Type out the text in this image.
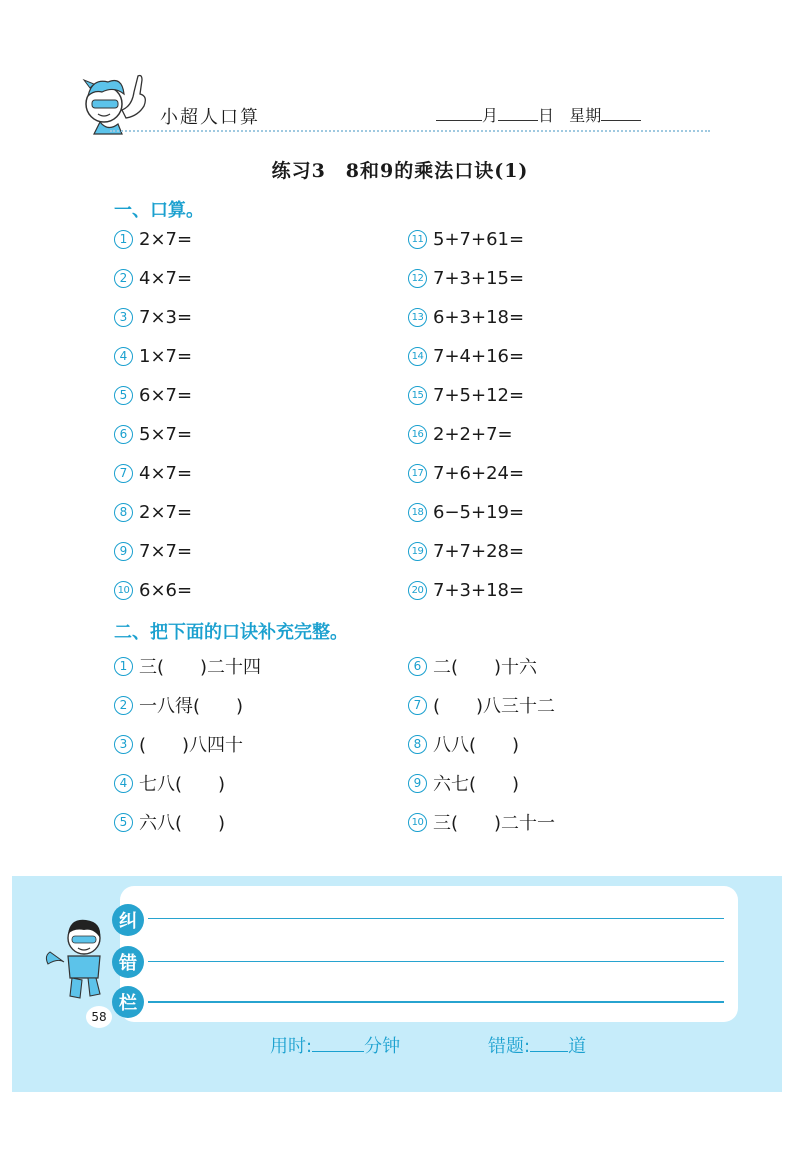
小超人口算	月	日 星期
练习3　8和9的乘法口诀(1)
一、口算。
1 2×7=
2 4×7=
3 7×3=
4 1×7=
5 6×7=
6 5×7=
7 4×7=
8 2×7=
9 7×7=
10 6×6=
11 5+7+61=
12 7+3+15=
13 6+3+18=
14 7+4+16=
15 7+5+12=
16 2+2+7=
17 7+6+24=
18 6−5+19=
19 7+7+28=
20 7+3+18=
二、把下面的口诀补充完整。
1 三(　　)二十四
2 一八得(　　)
3 (　　)八四十
4 七八(　　)
5 六八(　　)
6 二(　　)十六
7 (　　)八三十二
8 八八(　　)
9 六七(　　)
10 三(　　)二十一
纠
错
栏
58
用时:	分钟	错题: 道
